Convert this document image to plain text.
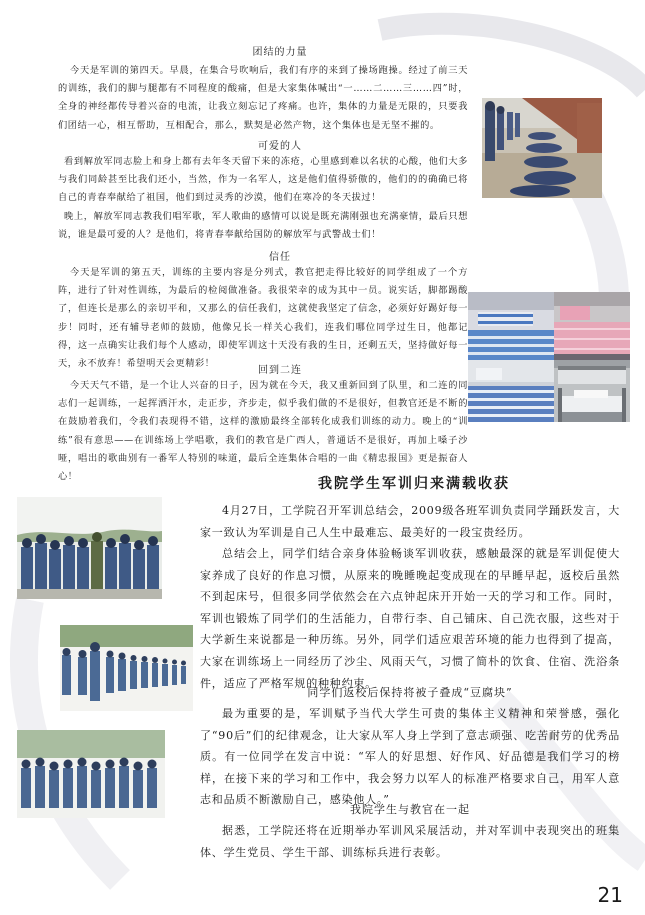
团结的力量
今天是军训的第四天。早晨，在集合号吹响后，我们有序的来到了操场跑操。经过了前三天的训练，我们的脚与腿都有不同程度的酸痛，但是大家集体喊出“一……二……三……四”时，全身的神经都传导着兴奋的电流，让我立刻忘记了疼痛。也许，集体的力量是无限的，只要我们团结一心，相互帮助，互相配合，那么，默契是必然产物，这个集体也是无坚不摧的。
可爱的人
看到解放军同志脸上和身上都有去年冬天留下来的冻疮，心里感到难以名状的心酸，他们大多与我们同龄甚至比我们还小，当然，作为一名军人，这是他们值得骄傲的，他们的的确确已将自己的青春奉献给了祖国，他们到过灵秀的沙漠，他们在寒冷的冬天拔过！
晚上，解放军同志教我们唱军歌，军人歌曲的感情可以说是既充满刚强也充满豪情，最后只想说，谁是最可爱的人？是他们，将青春奉献给国防的解放军与武警战士们！
信任
今天是军训的第五天，训练的主要内容是分列式，教官把走得比较好的同学组成了一个方阵，进行了针对性训练，为最后的检阅做准备。我很荣幸的成为其中一员。说实话，脚都踢酸了，但连长是那么的亲切平和，又那么的信任我们，这就使我坚定了信念，必须好好踢好每一步！同时，还有辅导老师的鼓励，他像兄长一样关心我们，连我们哪位同学过生日，他都记得，这一点确实让我们每个人感动，即使军训这十天没有我的生日，还剩五天，坚持做好每一天，永不放弃！希望明天会更精彩！
回到二连
今天天气不错，是一个让人兴奋的日子，因为就在今天，我又重新回到了队里，和二连的同志们一起训练，一起挥洒汗水，走正步，齐步走，似乎我们做的不是很好，但教官还是不断的在鼓励着我们，令我们表现得不错，这样的激励最终全部转化成我们训练的动力。晚上的“训练”很有意思——在训练场上学唱歌，我们的教官是广西人，普通话不是很好，再加上嗓子沙哑，唱出的歌曲别有一番军人特别的味道，最后全连集体合唱的一曲《精忠报国》更是振奋人心！	我院学生军训归来满载收获
4月27日，工学院召开军训总结会，2009级各班军训负责同学踊跃发言，大家一致认为军训是自己人生中最难忘、最美好的一段宝贵经历。
总结会上，同学们结合亲身体验畅谈军训收获，感触最深的就是军训促使大家养成了良好的作息习惯，从原来的晚睡晚起变成现在的早睡早起，返校后虽然不到起床号，但很多同学依然会在六点钟起床开开始一天的学习和工作。同时，军训也锻炼了同学们的生活能力，自带行李、自己铺床、自己洗衣服，这些对于大学新生来说都是一种历练。另外，同学们适应艰苦环境的能力也得到了提高，大家在训练场上一同经历了沙尘、风雨天气，习惯了简朴的饮食、住宿、洗浴条件，适应了严格军规的种种约束。
同学们返校后保持将被子叠成“豆腐块”
最为重要的是，军训赋予当代大学生可贵的集体主义精神和荣誉感，强化了“90后”们的纪律观念，让大家从军人身上学到了意志顽强、吃苦耐劳的优秀品质。有一位同学在发言中说：“军人的好思想、好作风、好品德是我们学习的榜样，在接下来的学习和工作中，我会努力以军人的标准严格要求自己，用军人意志和品质不断激励自己，感染他人。”
我院学生与教官在一起
据悉，工学院还将在近期举办军训风采展活动，并对军训中表现突出的班集体、学生党员、学生干部、训练标兵进行表彰。
21
